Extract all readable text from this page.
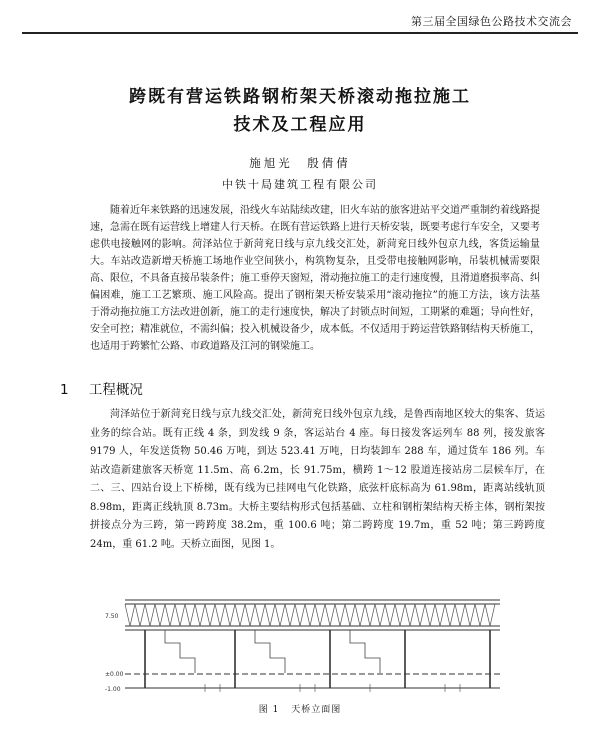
第三届全国绿色公路技术交流会
跨既有营运铁路钢桁架天桥滚动拖拉施工
技术及工程应用
施旭光　殷倩倩
中铁十局建筑工程有限公司

随着近年来铁路的迅速发展，沿线火车站陆续改建，旧火车站的旅客进站平交道严重制约着线路提速，急需在既有运营线上增建人行天桥。在既有营运铁路上进行天桥安装，既要考虑行车安全，又要考虑供电接触网的影响。菏泽站位于新菏兖日线与京九线交汇处，新菏兖日线外包京九线，客货运输量大。车站改造新增天桥施工场地作业空间狭小，构筑物复杂，且受带电接触网影响，吊装机械需要限高、限位，不具备直接吊装条件；施工垂停天窗短，滑动拖拉施工的走行速度慢，且滑道磨损率高、纠偏困难，施工工艺繁琐、施工风险高。提出了钢桁架天桥安装采用“滚动拖拉”的施工方法，该方法基于滑动拖拉施工方法改进创新，施工的走行速度快，解决了封锁点时间短，工期紧的难题；导向性好，安全可控；精准就位，不需纠偏；投入机械设备少，成本低。不仅适用于跨运营铁路钢结构天桥施工，也适用于跨繁忙公路、市政道路及江河的钢梁施工。

1 工程概况

菏泽站位于新菏兖日线与京九线交汇处，新菏兖日线外包京九线，是鲁西南地区较大的集客、货运业务的综合站。既有正线 4 条，到发线 9 条，客运站台 4 座。每日接发客运列车 88 列，接发旅客 9179 人，年发送货物 50.46 万吨，到达 523.41 万吨，日均装卸车 288 车，通过货车 186 列。车站改造新建旅客天桥宽 11.5m、高 6.2m，长 91.75m，横跨 1～12 股道连接站房二层候车厅，在二、三、四站台设上下桥梯，既有线为已挂网电气化铁路，底弦杆底标高为 61.98m，距离站线轨顶 8.98m，距离正线轨顶 8.73m。大桥主要结构形式包括基础、立柱和钢桁架结构天桥主体，钢桁架按拼接点分为三跨，第一跨跨度 38.2m，重 100.6 吨；第二跨跨度 19.7m，重 52 吨；第三跨跨度 24m，重 61.2 吨。天桥立面图，见图 1。

7.50
±0.00
-1.00
图 1 天桥立面图
